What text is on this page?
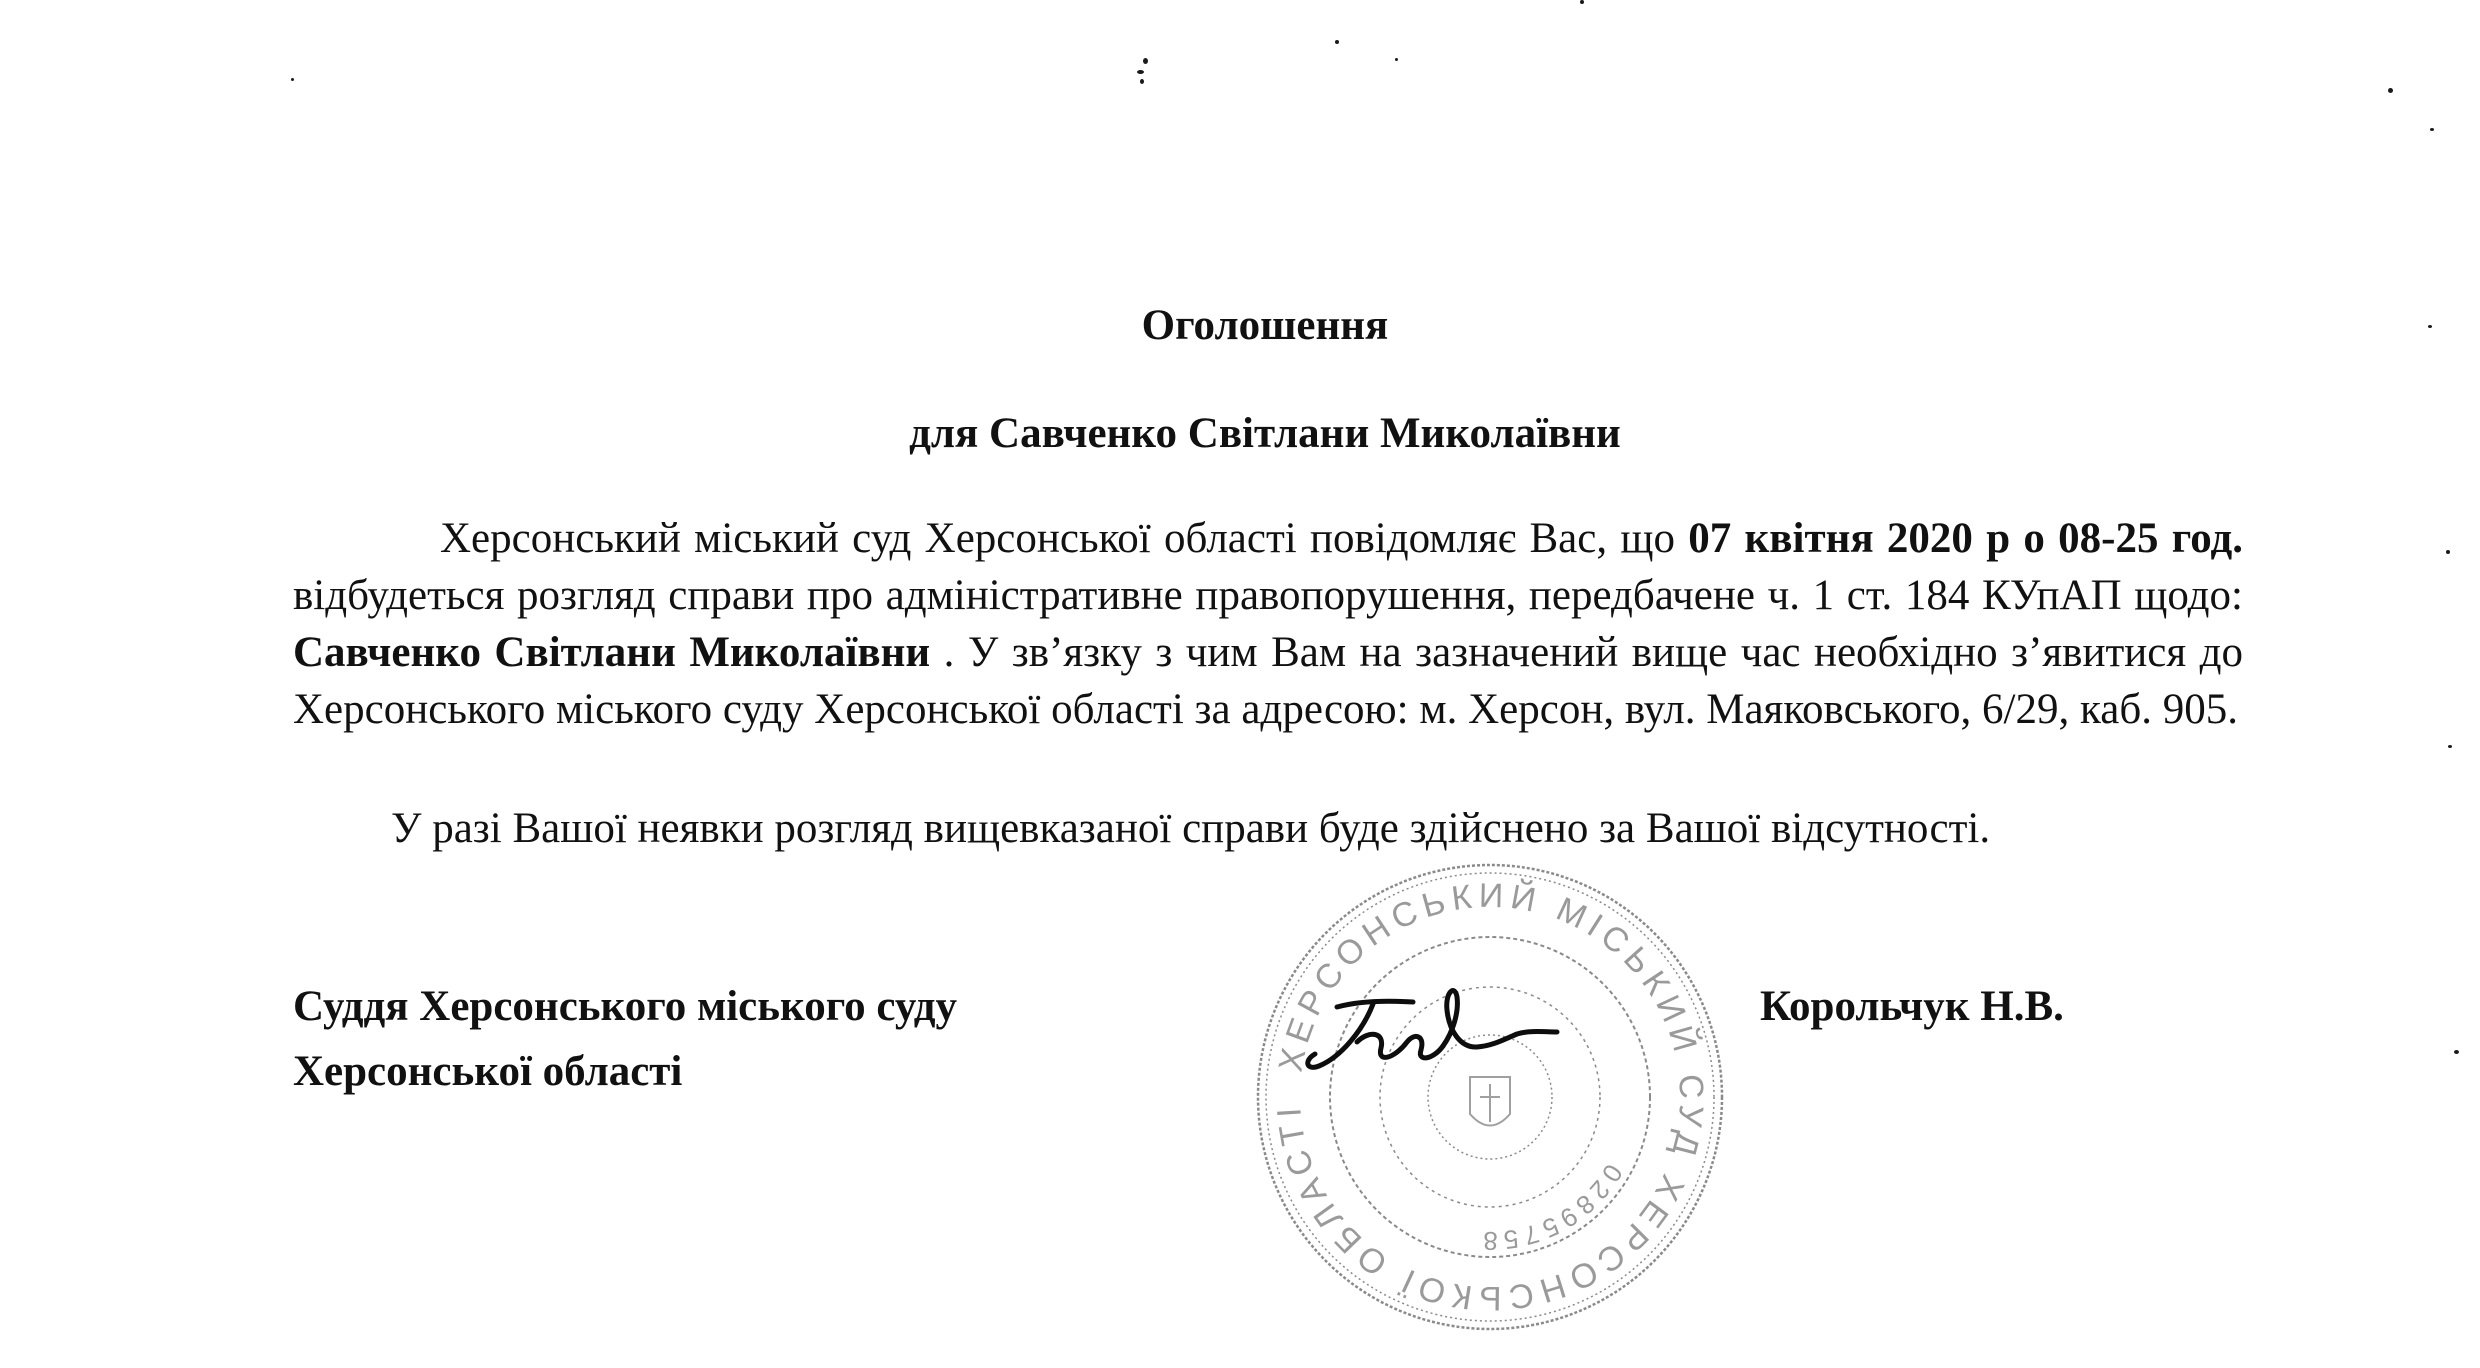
Оголошення
для Савченко Світлани Миколаївни

Херсонський міський суд Херсонської області повідомляє Вас, що 07 квітня 2020 р о 08-25 год. відбудеться розгляд справи про адміністративне правопорушення, передбачене ч. 1 ст. 184 КУпАП щодо: Савченко Світлани Миколаївни . У зв’язку з чим Вам на зазначений вище час необхідно з’явитися до Херсонського міського суду Херсонської області за адресою: м. Херсон, вул. Маяковського, 6/29, каб. 905.

У разі Вашої неявки розгляд вищевказаної справи буде здійснено за Вашої відсутності.

Суддя Херсонського міського суду
Херсонської області
Корольчук Н.В.
ХЕРСОНСЬКИЙ МІСЬКИЙ СУД ХЕРСОНСЬКОЇ ОБЛАСТІ
02895758
